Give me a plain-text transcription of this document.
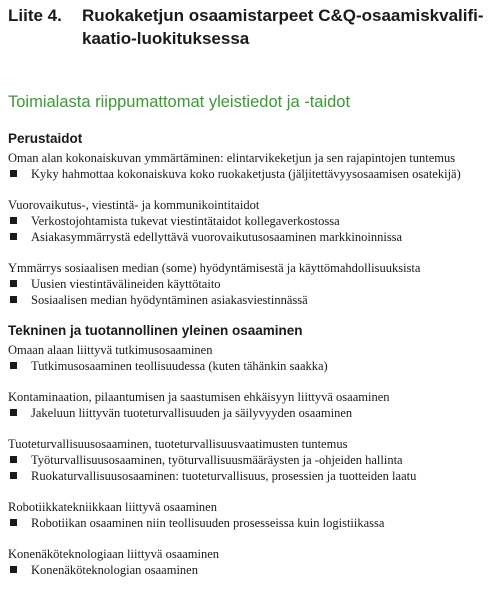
Liite 4. Ruokaketjun osaamistarpeet C&Q-osaamiskvalifi-kaatio-luokituksessa
Toimialasta riippumattomat yleistiedot ja -taidot
Perustaidot
Oman alan kokonaiskuvan ymmärtäminen: elintarvikeketjun ja sen rajapintojen tuntemus
Kyky hahmottaa kokonaiskuva koko ruokaketjusta (jäljitettävyysosaamisen osatekijä)
Vuorovaikutus-, viestintä- ja kommunikointitaidot
Verkostojohtamista tukevat viestintätaidot kollegaverkostossa
Asiakasymmärrystä edellyttävä vuorovaikutusosaaminen markkinoinnissa
Ymmärrys sosiaalisen median (some) hyödyntämisestä ja käyttömahdollisuuksista
Uusien viestintävälineiden käyttötaito
Sosiaalisen median hyödyntäminen asiakasviestinnässä
Tekninen ja tuotannollinen yleinen osaaminen
Omaan alaan liittyvä tutkimusosaaminen
Tutkimusosaaminen teollisuudessa (kuten tähänkin saakka)
Kontaminaation, pilaantumisen ja saastumisen ehkäisyyn liittyvä osaaminen
Jakeluun liittyvän tuoteturvallisuuden ja säilyvyyden osaaminen
Tuoteturvallisuusosaaminen, tuoteturvallisuusvaatimusten tuntemus
Työturvallisuusosaaminen, työturvallisuusmääräysten ja -ohjeiden hallinta
Ruokaturvallisuusosaaminen: tuoteturvallisuus, prosessien ja tuotteiden laatu
Robotiikkatekniikkaan liittyvä osaaminen
Robotiikan osaaminen niin teollisuuden prosesseissa kuin logistiikassa
Konenäköteknologiaan liittyvä osaaminen
Konenäköteknologian osaaminen
